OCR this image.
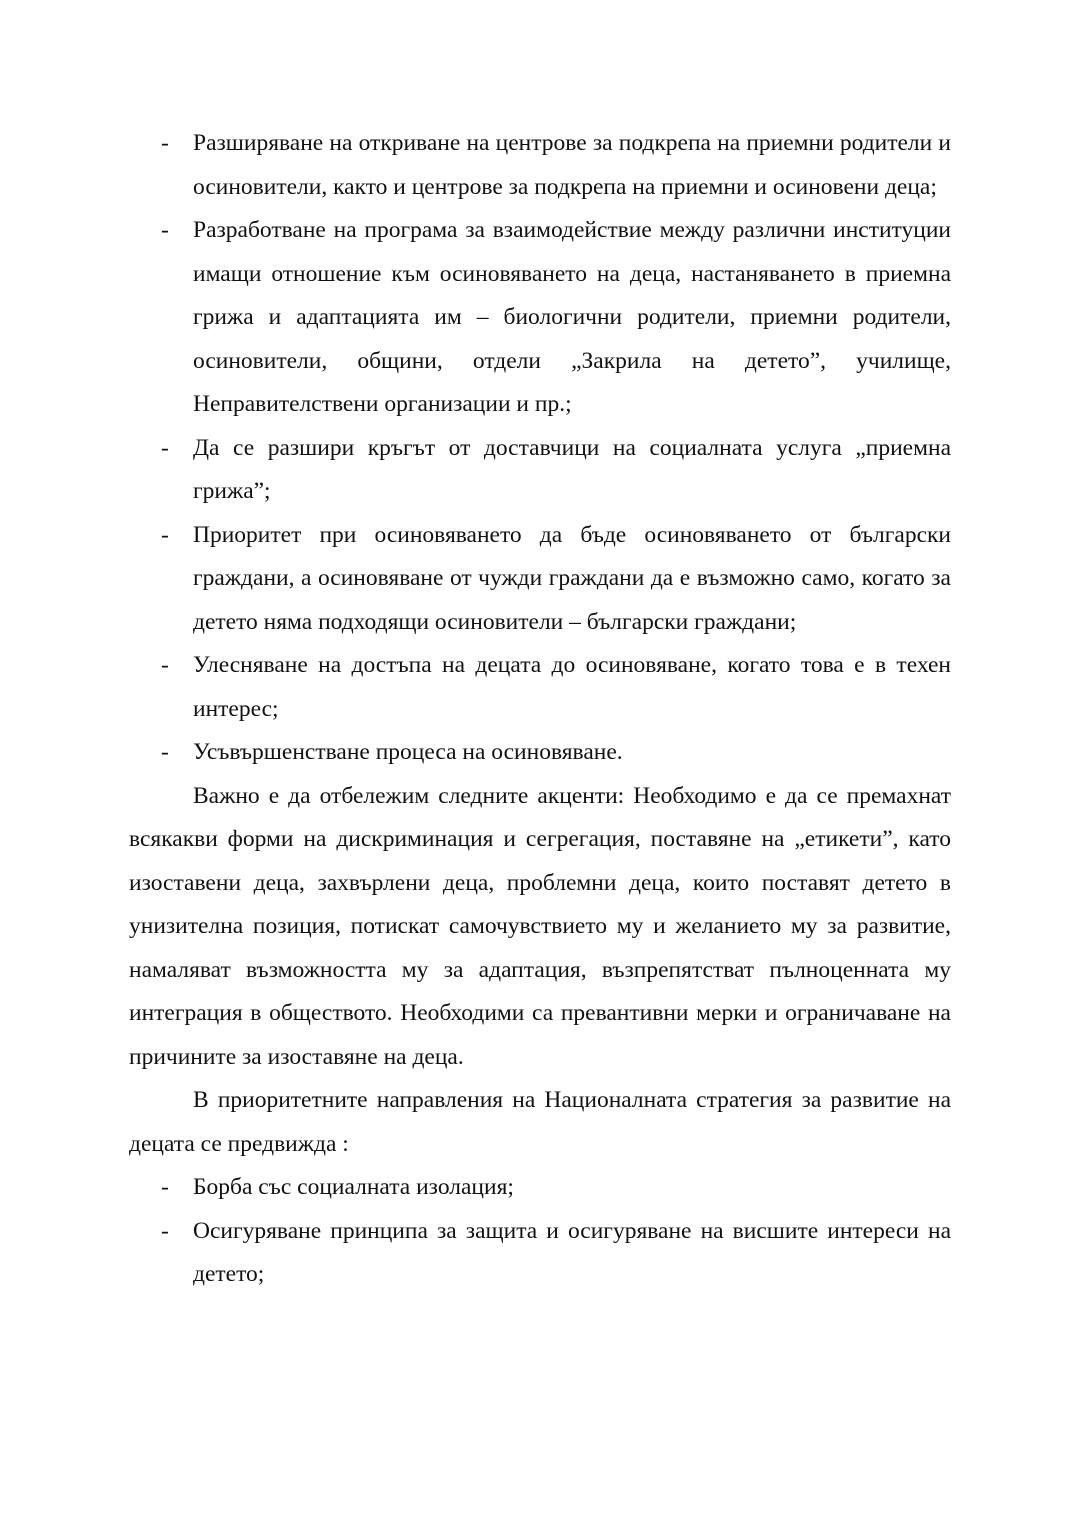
- Разширяване на откриване на центрове за подкрепа на приемни родители и осиновители, както и центрове за подкрепа на приемни и осиновени деца;
- Разработване на програма за взаимодействие между различни институции имащи отношение към осиновяването на деца, настаняването в приемна грижа и адаптацията им – биологични родители, приемни родители, осиновители, общини, отдели „Закрила на детето”, училище, Неправителствени организации и пр.;
- Да се разшири кръгът от доставчици на социалната услуга „приемна грижа”;
- Приоритет при осиновяването да бъде осиновяването от български граждани, а осиновяване от чужди граждани да е възможно само, когато за детето няма подходящи осиновители – български граждани;
- Улесняване на достъпа на децата до осиновяване, когато това е в техен интерес;
- Усъвършенстване процеса на осиновяване.

Важно е да отбележим следните акценти: Необходимо е да се премахнат всякакви форми на дискриминация и сегрегация, поставяне на „етикети”, като изоставени деца, захвърлени деца, проблемни деца, които поставят детето в унизителна позиция, потискат самочувствието му и желанието му за развитие, намаляват възможността му за адаптация, възпрепятстват пълноценната му интеграция в обществото. Необходими са превантивни мерки и ограничаване на причините за изоставяне на деца.

В приоритетните направления на Националната стратегия за развитие на децата се предвижда :

- Борба със социалната изолация;
- Осигуряване принципа за защита и осигуряване на висшите интереси на детето;
